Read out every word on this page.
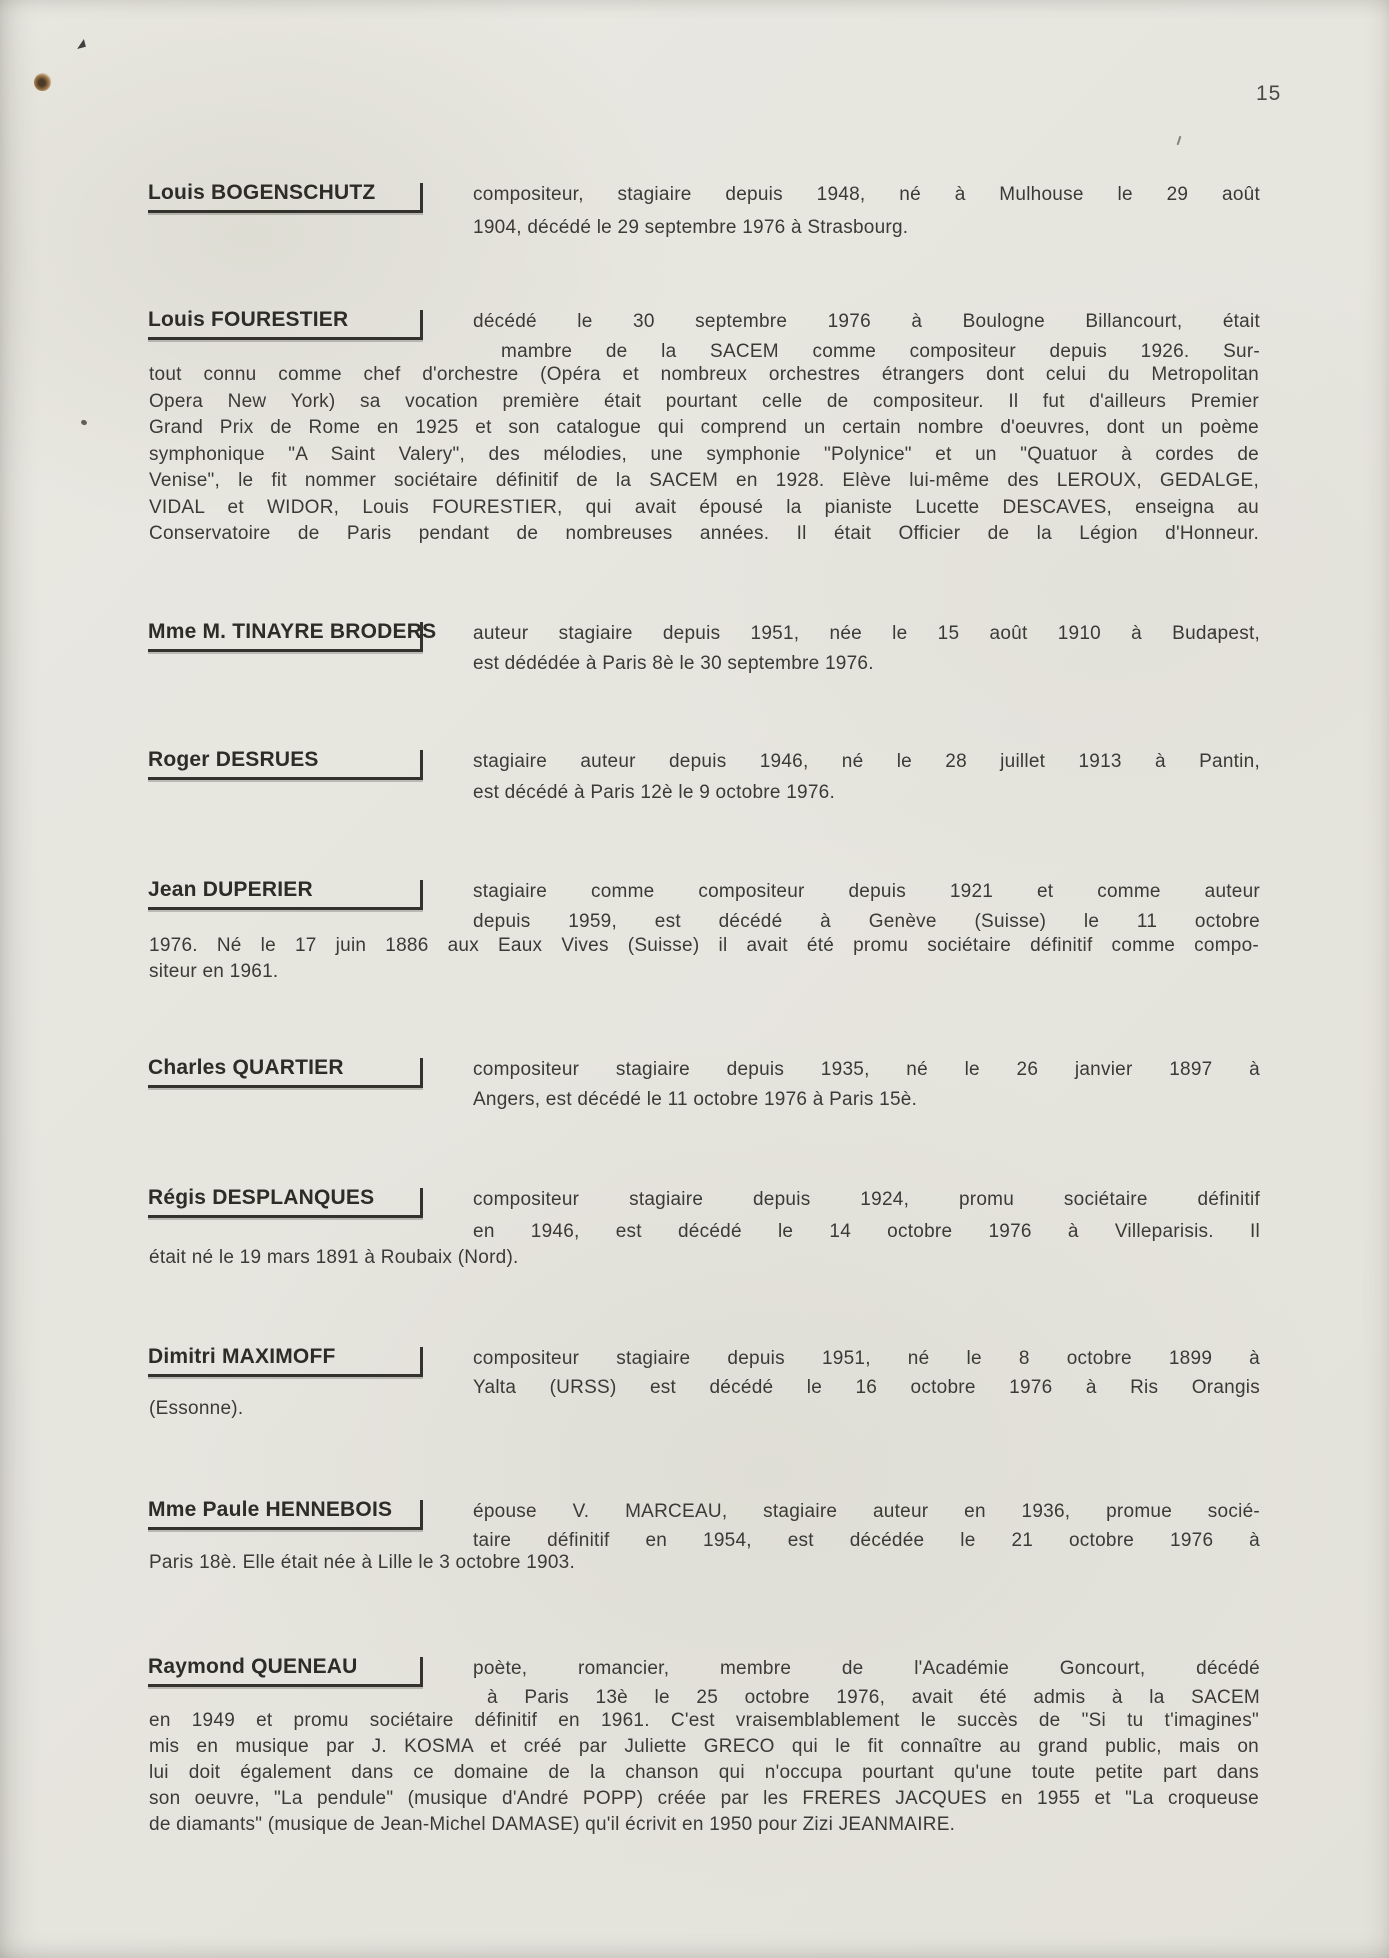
15
Louis BOGENSCHUTZ	compositeur, stagiaire depuis 1948, né à Mulhouse le 29 août

1904, décédé le 29 septembre 1976 à Strasbourg.

Louis FOURESTIER	décédé le 30 septembre 1976 à Boulogne Billancourt, était

mambre de la SACEM comme compositeur depuis 1926. Sur-

tout connu comme chef d'orchestre (Opéra et nombreux orchestres étrangers dont celui du Metropolitan

Opera New York) sa vocation première était pourtant celle de compositeur. Il fut d'ailleurs Premier

Grand Prix de Rome en 1925 et son catalogue qui comprend un certain nombre d'oeuvres, dont un poème

symphonique "A Saint Valery", des mélodies, une symphonie "Polynice" et un "Quatuor à cordes de

Venise", le fit nommer sociétaire définitif de la SACEM en 1928. Elève lui-même des LEROUX, GEDALGE,

VIDAL et WIDOR, Louis FOURESTIER, qui avait épousé la pianiste Lucette DESCAVES, enseigna au

Conservatoire de Paris pendant de nombreuses années. Il était Officier de la Légion d'Honneur.

Mme M. TINAYRE BRODERS auteur stagiaire depuis 1951, née le 15 août 1910 à Budapest,

est dédédée à Paris 8è le 30 septembre 1976.

Roger DESRUES	stagiaire auteur depuis 1946, né le 28 juillet 1913 à Pantin,

est décédé à Paris 12è le 9 octobre 1976.

Jean DUPERIER	stagiaire comme compositeur depuis 1921 et comme auteur

depuis 1959, est décédé à Genève (Suisse) le 11 octobre

1976. Né le 17 juin 1886 aux Eaux Vives (Suisse) il avait été promu sociétaire définitif comme compo-

siteur en 1961.

Charles QUARTIER	compositeur stagiaire depuis 1935, né le 26 janvier 1897 à

Angers, est décédé le 11 octobre 1976 à Paris 15è.

Régis DESPLANQUES	compositeur stagiaire depuis 1924, promu sociétaire définitif

en 1946, est décédé le 14 octobre 1976 à Villeparisis. Il

était né le 19 mars 1891 à Roubaix (Nord).

Dimitri MAXIMOFF	compositeur stagiaire depuis 1951, né le 8 octobre 1899 à

Yalta (URSS) est décédé le 16 octobre 1976 à Ris Orangis

(Essonne).

Mme Paule HENNEBOIS	épouse V. MARCEAU, stagiaire auteur en 1936, promue socié-

taire définitif en 1954, est décédée le 21 octobre 1976 à

Paris 18è. Elle était née à Lille le 3 octobre 1903.

Raymond QUENEAU	poète, romancier, membre de l'Académie Goncourt, décédé

à Paris 13è le 25 octobre 1976, avait été admis à la SACEM

en 1949 et promu sociétaire définitif en 1961. C'est vraisemblablement le succès de "Si tu t'imagines"

mis en musique par J. KOSMA et créé par Juliette GRECO qui le fit connaître au grand public, mais on

lui doit également dans ce domaine de la chanson qui n'occupa pourtant qu'une toute petite part dans

son oeuvre, "La pendule" (musique d'André POPP) créée par les FRERES JACQUES en 1955 et "La croqueuse

de diamants" (musique de Jean-Michel DAMASE) qu'il écrivit en 1950 pour Zizi JEANMAIRE.
